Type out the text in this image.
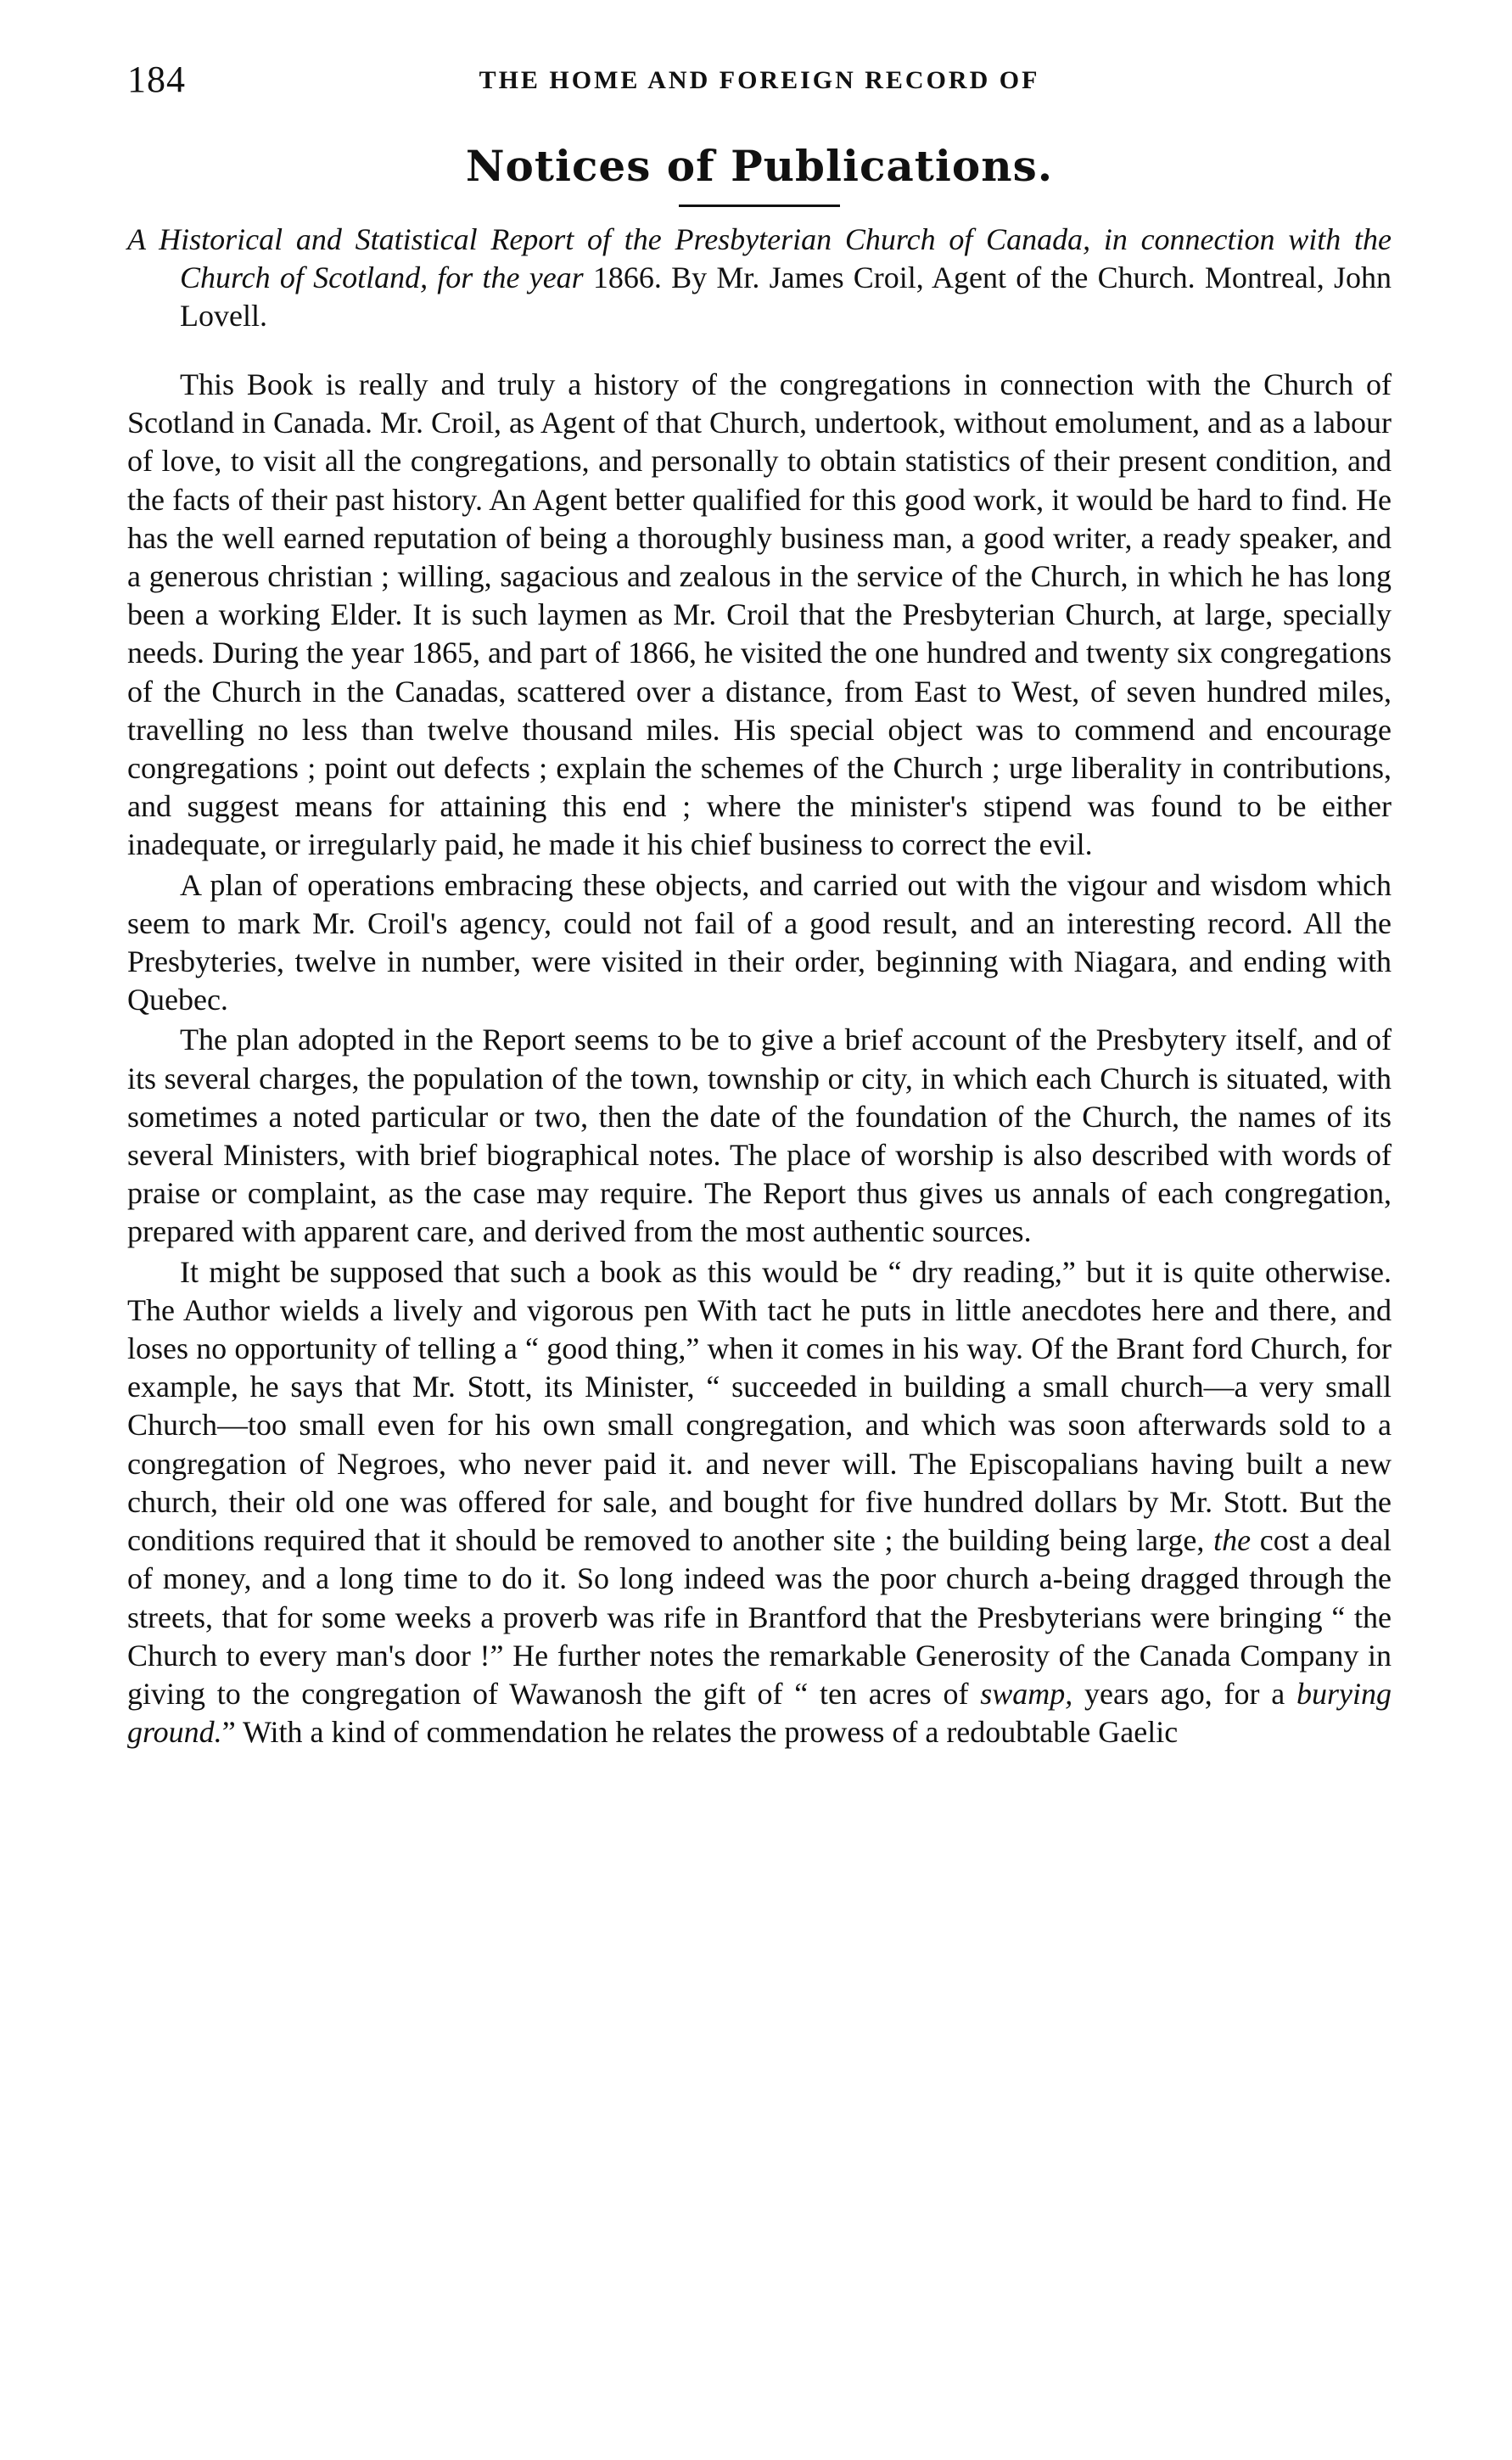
184	THE HOME AND FOREIGN RECORD OF
Notices of Publications.

A Historical and Statistical Report of the Presbyterian Church of Canada, in connection with the Church of Scotland, for the year 1866. By Mr. James Croil, Agent of the Church. Montreal, John Lovell.

This Book is really and truly a history of the congregations in connection with the Church of Scotland in Canada. Mr. Croil, as Agent of that Church, undertook, without emolument, and as a labour of love, to visit all the congregations, and personally to obtain statistics of their present condition, and the facts of their past history. An Agent better qualified for this good work, it would be hard to find. He has the well earned reputation of being a thoroughly business man, a good writer, a ready speaker, and a generous christian ; willing, sagacious and zealous in the service of the Church, in which he has long been a working Elder. It is such laymen as Mr. Croil that the Presbyterian Church, at large, specially needs. During the year 1865, and part of 1866, he visited the one hundred and twenty six congregations of the Church in the Canadas, scattered over a distance, from East to West, of seven hundred miles, travelling no less than twelve thousand miles. His special object was to commend and encourage congregations ; point out defects ; explain the schemes of the Church ; urge liberality in contributions, and suggest means for attaining this end ; where the minister's stipend was found to be either inadequate, or irregularly paid, he made it his chief business to correct the evil.

A plan of operations embracing these objects, and carried out with the vigour and wisdom which seem to mark Mr. Croil's agency, could not fail of a good result, and an interesting record. All the Presbyteries, twelve in number, were visited in their order, beginning with Niagara, and ending with Quebec.

The plan adopted in the Report seems to be to give a brief account of the Presbytery itself, and of its several charges, the population of the town, township or city, in which each Church is situated, with sometimes a noted particular or two, then the date of the foundation of the Church, the names of its several Ministers, with brief biographical notes. The place of worship is also described with words of praise or complaint, as the case may require. The Report thus gives us annals of each congregation, prepared with apparent care, and derived from the most authentic sources.

It might be supposed that such a book as this would be “ dry reading,” but it is quite otherwise. The Author wields a lively and vigorous pen With tact he puts in little anecdotes here and there, and loses no opportunity of telling a “ good thing,” when it comes in his way. Of the Brant ford Church, for example, he says that Mr. Stott, its Minister, “ succeeded in building a small church—a very small Church—too small even for his own small congregation, and which was soon afterwards sold to a congregation of Negroes, who never paid it. and never will. The Episcopalians having built a new church, their old one was offered for sale, and bought for five hundred dollars by Mr. Stott. But the conditions required that it should be removed to another site ; the building being large, the cost a deal of money, and a long time to do it. So long indeed was the poor church a-being dragged through the streets, that for some weeks a proverb was rife in Brantford that the Presbyterians were bringing “ the Church to every man's door !” He further notes the remarkable Generosity of the Canada Company in giving to the congregation of Wawanosh the gift of “ ten acres of swamp, years ago, for a burying ground.” With a kind of commendation he relates the prowess of a redoubtable Gaelic
